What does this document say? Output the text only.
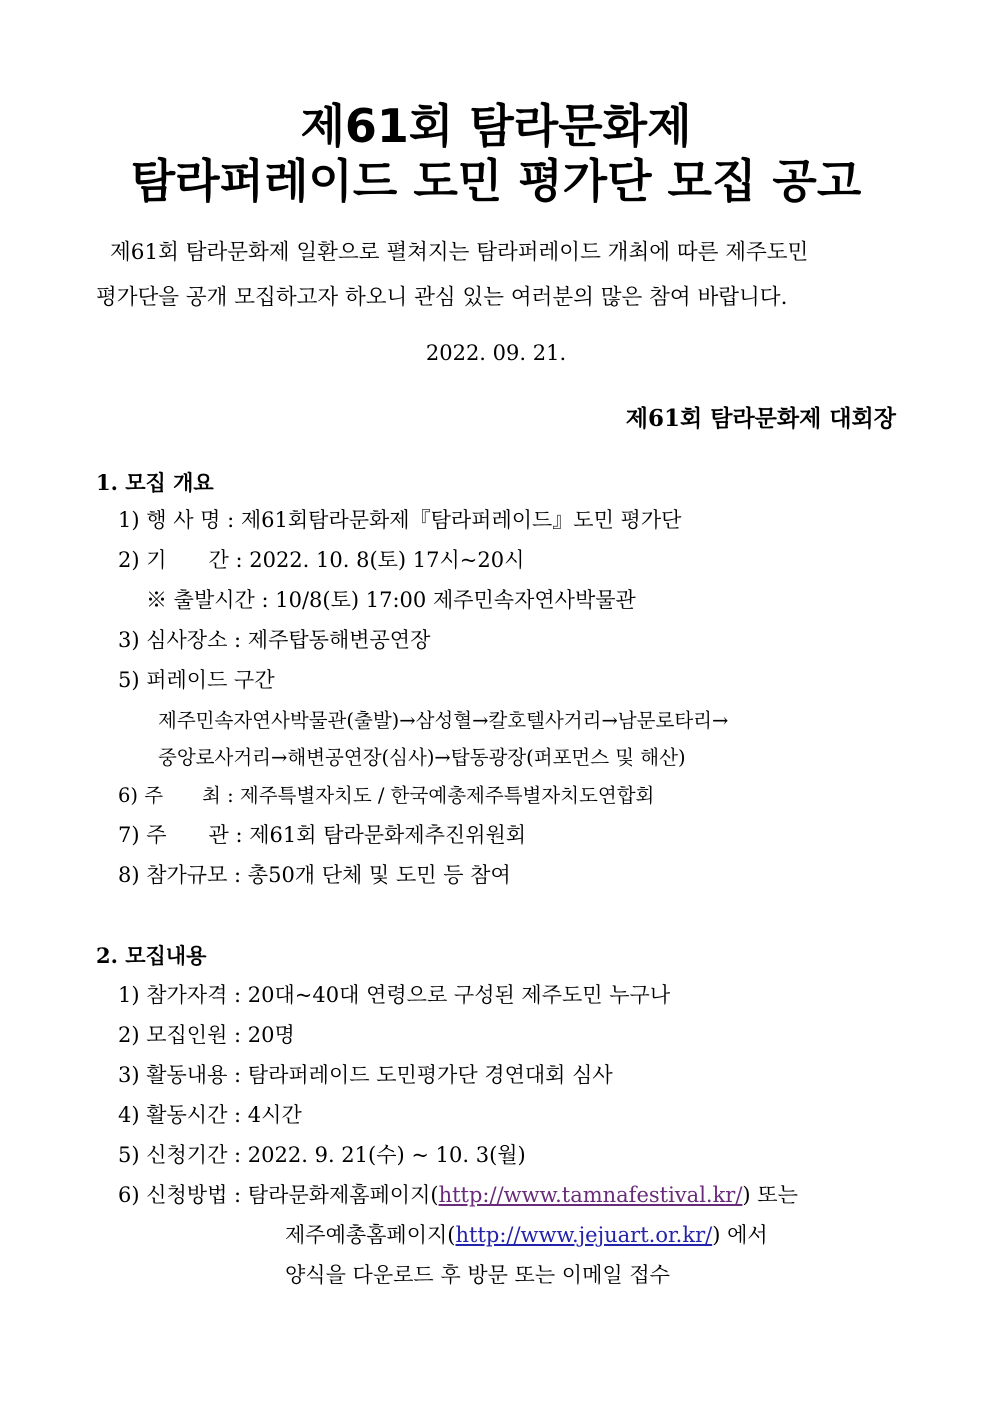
제61회 탐라문화제
탐라퍼레이드 도민 평가단 모집 공고
제61회 탐라문화제 일환으로 펼쳐지는 탐라퍼레이드 개최에 따른 제주도민
평가단을 공개 모집하고자 하오니 관심 있는 여러분의 많은 참여 바랍니다.
2022. 09. 21.
제61회 탐라문화제 대회장
1. 모집 개요
1) 행 사 명 : 제61회탐라문화제『탐라퍼레이드』도민 평가단
2) 기　　간 : 2022. 10. 8(토) 17시~20시
※ 출발시간 : 10/8(토) 17:00 제주민속자연사박물관
3) 심사장소 : 제주탑동해변공연장
5) 퍼레이드 구간
제주민속자연사박물관(출발)→삼성혈→칼호텔사거리→남문로타리→
중앙로사거리→해변공연장(심사)→탑동광장(퍼포먼스 및 해산)
6) 주　　최 : 제주특별자치도 / 한국예총제주특별자치도연합회
7) 주　　관 : 제61회 탐라문화제추진위원회
8) 참가규모 : 총50개 단체 및 도민 등 참여
2. 모집내용
1) 참가자격 : 20대~40대 연령으로 구성된 제주도민 누구나
2) 모집인원 : 20명
3) 활동내용 : 탐라퍼레이드 도민평가단 경연대회 심사
4) 활동시간 : 4시간
5) 신청기간 : 2022. 9. 21(수) ~ 10. 3(월)
6) 신청방법 : 탐라문화제홈페이지(http://www.tamnafestival.kr/) 또는
제주예총홈페이지(http://www.jejuart.or.kr/) 에서
양식을 다운로드 후 방문 또는 이메일 접수
